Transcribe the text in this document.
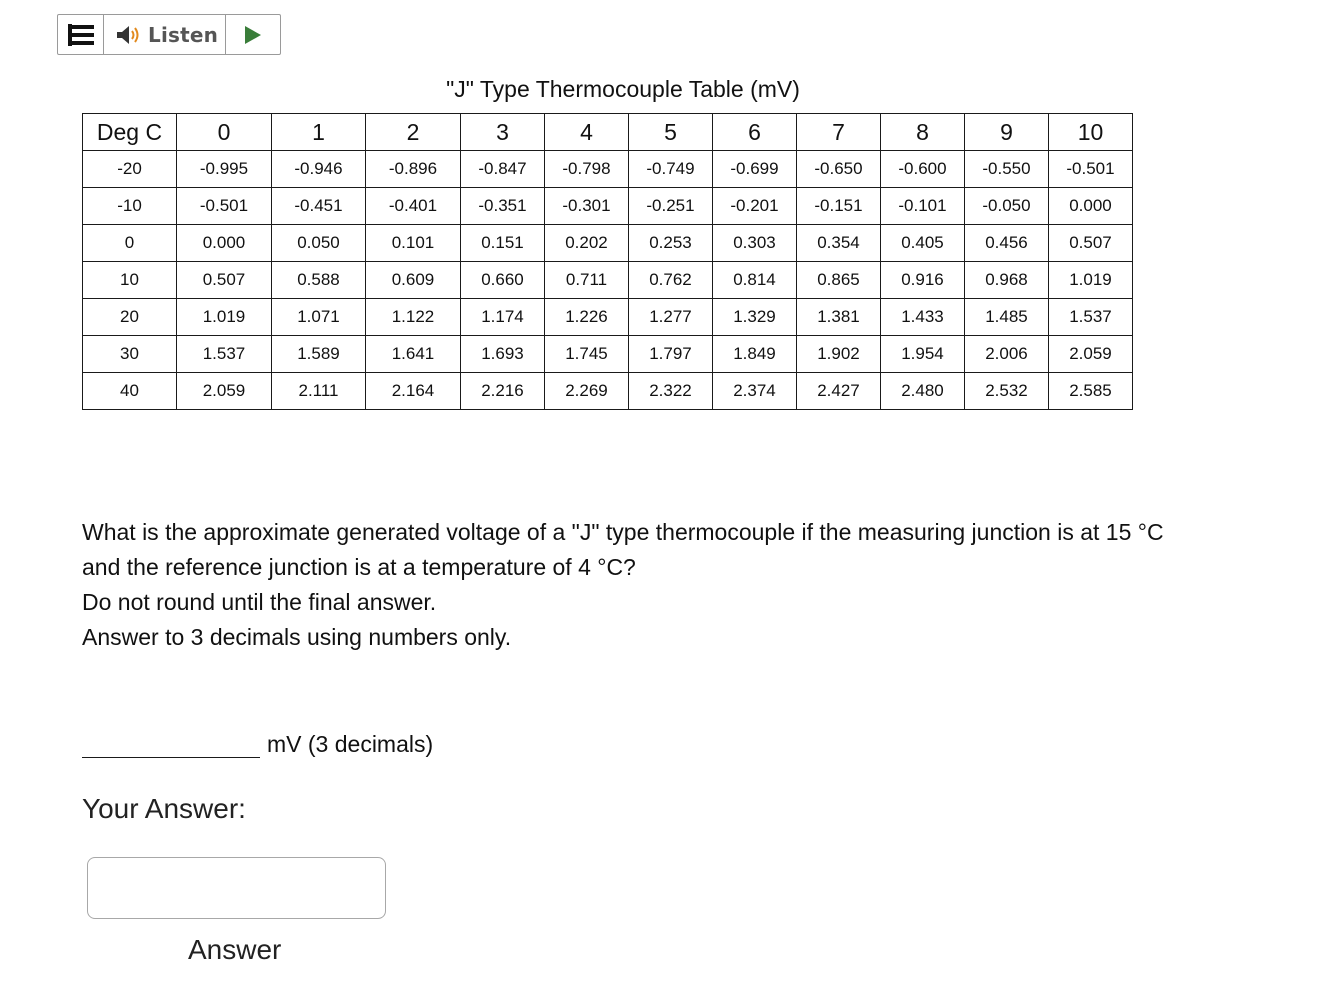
Listen
"J" Type Thermocouple Table (mV)
Deg C	0	1	2	3	4	5	6	7	8	9	10
-20	-0.995	-0.946	-0.896	-0.847	-0.798	-0.749	-0.699	-0.650	-0.600	-0.550	-0.501
-10	-0.501	-0.451	-0.401	-0.351	-0.301	-0.251	-0.201	-0.151	-0.101	-0.050	0.000
0	0.000	0.050	0.101	0.151	0.202	0.253	0.303	0.354	0.405	0.456	0.507
10	0.507	0.588	0.609	0.660	0.711	0.762	0.814	0.865	0.916	0.968	1.019
20	1.019	1.071	1.122	1.174	1.226	1.277	1.329	1.381	1.433	1.485	1.537
30	1.537	1.589	1.641	1.693	1.745	1.797	1.849	1.902	1.954	2.006	2.059
40	2.059	2.111	2.164	2.216	2.269	2.322	2.374	2.427	2.480	2.532	2.585

What is the approximate generated voltage of a "J" type thermocouple if the measuring junction is at 15 °C and the reference junction is at a temperature of 4 °C?

Do not round until the final answer.

Answer to 3 decimals using numbers only.

mV (3 decimals)
Your Answer:
Answer
